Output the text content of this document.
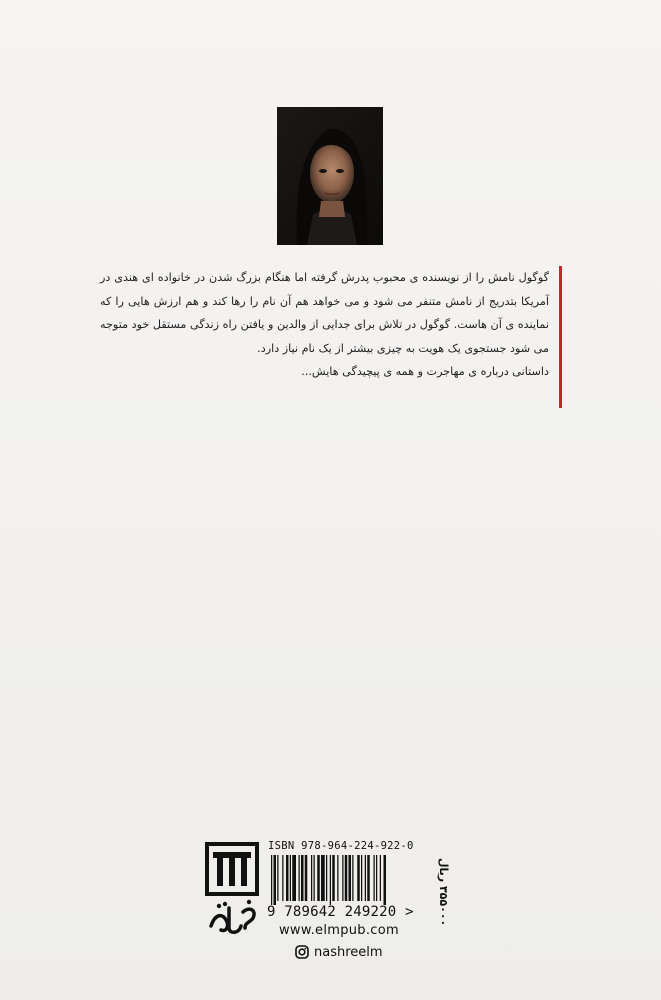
گوگول نامش را از نویسنده ی محبوب پدرش گرفته اما هنگام بزرگ شدن در خانواده ای هندی در آمریکا بتدریج از نامش متنفر می شود و می خواهد هم آن نام را رها کند و هم ارزش هایی را که نماینده ی آن هاست. گوگول در تلاش برای جدایی از والدین و یافتن راه زندگی مستقل خود متوجه می شود جستجوی یک هویت به چیزی بیشتر از یک نام نیاز دارد.

داستانی درباره ی مهاجرت و همه ی پیچیدگی هایش...

ISBN 978-964-224-922-0
9 789642 249220 >
۳۵۵۰۰۰ ریال
www.elmpub.com
nashreelm
